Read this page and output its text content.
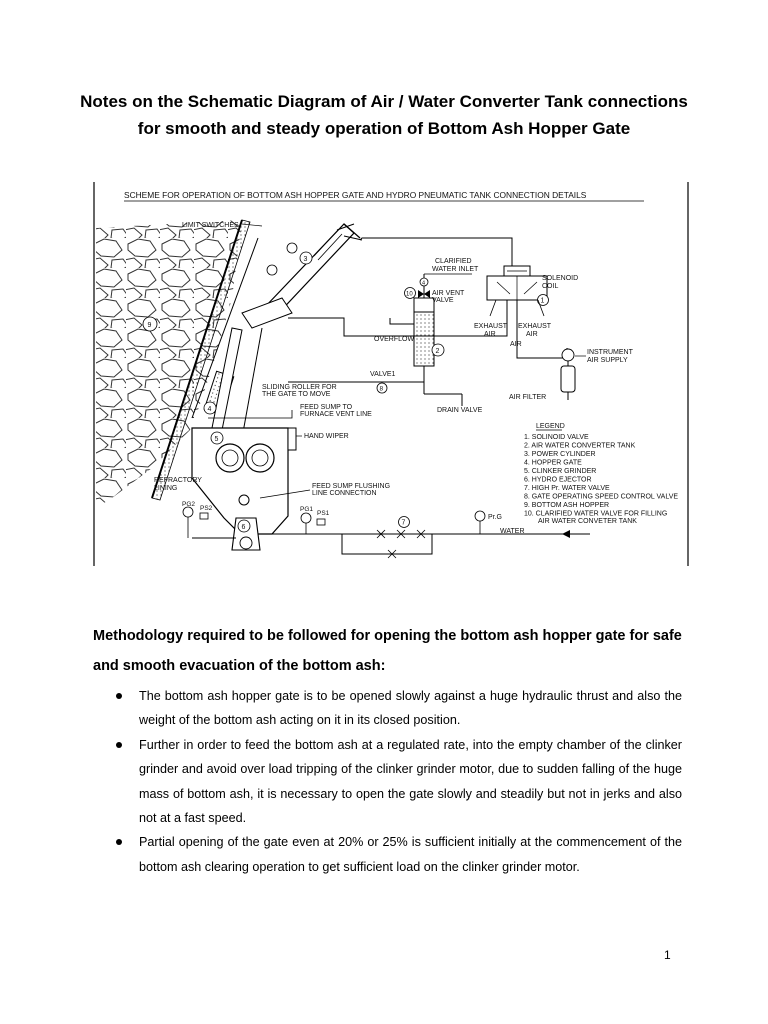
Notes on the Schematic Diagram of Air / Water Converter Tank connections
for smooth and steady operation of Bottom Ash Hopper Gate
SCHEME FOR OPERATION OF BOTTOM ASH HOPPER GATE AND HYDRO PNEUMATIC TANK CONNECTION DETAILS
LIMIT SWITCHES
3
9
2
4
10
CLARIFIED
WATER INLET
AIR VENT
VALVE
OVERFLOW
1
SOLENOID
COIL
EXHAUST
AIR
EXHAUST
AIR
AIR
INSTRUMENT
AIR SUPPLY
AIR FILTER
VALVE1
8
DRAIN VALVE
SLIDING ROLLER FOR
THE GATE TO MOVE
FEED SUMP TO
FURNACE VENT LINE
4
5	HAND WIPER
REFRACTORY
LINING	FEED SUMP FLUSHING
LINE CONNECTION
6
7
WATER
Pr.G
PG1
PS1
PG2
PS2
LEGEND
1. SOLINOID VALVE
2. AIR WATER CONVERTER TANK
3. POWER CYLINDER
4. HOPPER GATE
5. CLINKER GRINDER
6. HYDRO EJECTOR
7. HIGH Pr. WATER VALVE
8. GATE OPERATING SPEED CONTROL VALVE
9. BOTTOM ASH HOPPER
10. CLARIFIED WATER VALVE FOR FILLING
AIR WATER CONVETER TANK
Methodology required to be followed for opening the bottom ash hopper gate for safe and smooth evacuation of the bottom ash:
The bottom ash hopper gate is to be opened slowly against a huge hydraulic thrust and also the weight of the bottom ash acting on it in its closed position.
Further in order to feed the bottom ash at a regulated rate, into the empty chamber of the clinker grinder and avoid over load tripping of the clinker grinder motor, due to sudden falling of the huge mass of bottom ash, it is necessary to open the gate slowly and steadily but not in jerks and also not at a fast speed.
Partial opening of the gate even at 20% or 25% is sufficient initially at the commencement of the bottom ash clearing operation to get sufficient load on the clinker grinder motor.
1
